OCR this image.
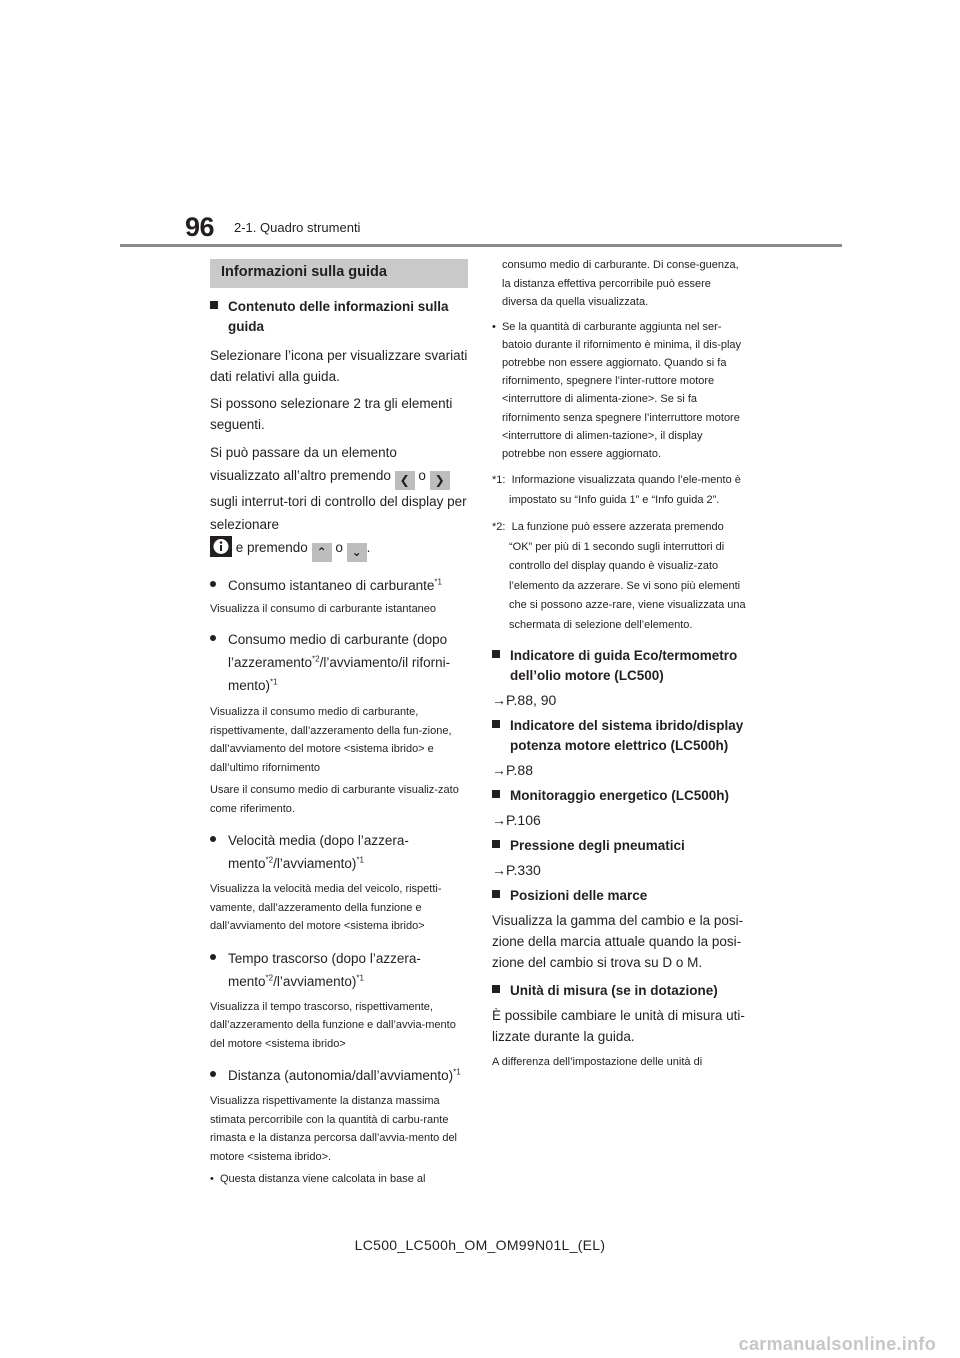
96 2-1. Quadro strumenti
Informazioni sulla guida
Contenuto delle informazioni sulla guida
Selezionare l’icona per visualizzare svariati dati relativi alla guida.
Si possono selezionare 2 tra gli elementi seguenti.
Si può passare da un elemento visualizzato all’altro premendo ❮ o ❯ sugli interrut-tori di controllo del display per selezionare
e premendo ⌃ o ⌄ .
Consumo istantaneo di carburante$^{*1}$
Visualizza il consumo di carburante istantaneo
Consumo medio di carburante (dopo l’azzeramento$^{*2}$/l’avviamento/il riforni-mento)$^{*1}$
Visualizza il consumo medio di carburante, rispettivamente, dall’azzeramento della fun-zione, dall’avviamento del motore <sistema ibrido> e dall’ultimo rifornimento
Usare il consumo medio di carburante visualiz-zato come riferimento.
Velocità media (dopo l’azzera-mento$^{*2}$/l’avviamento)$^{*1}$
Visualizza la velocità media del veicolo, rispetti-vamente, dall’azzeramento della funzione e dall’avviamento del motore <sistema ibrido>
Tempo trascorso (dopo l’azzera-mento$^{*2}$/l’avviamento)$^{*1}$
Visualizza il tempo trascorso, rispettivamente, dall’azzeramento della funzione e dall’avvia-mento del motore <sistema ibrido>
Distanza (autonomia/dall’avviamento)$^{*1}$
Visualizza rispettivamente la distanza massima stimata percorribile con la quantità di carbu-rante rimasta e la distanza percorsa dall’avvia-mento del motore <sistema ibrido>.
•  Questa distanza viene calcolata in base al
consumo medio di carburante. Di conse-guenza, la distanza effettiva percorribile può essere diversa da quella visualizzata.
•  Se la quantità di carburante aggiunta nel ser-batoio durante il rifornimento è minima, il dis-play potrebbe non essere aggiornato. Quando si fa rifornimento, spegnere l’inter-ruttore motore <interruttore di alimenta-zione>. Se si fa rifornimento senza spegnere l’interruttore motore <interruttore di alimen-tazione>, il display potrebbe non essere aggiornato.
*1:  Informazione visualizzata quando l’ele-mento è impostato su “Info guida 1” e “Info guida 2”.
*2:  La funzione può essere azzerata premendo “OK” per più di 1 secondo sugli interruttori di controllo del display quando è visualiz-zato l’elemento da azzerare. Se vi sono più elementi che si possono azze-rare, viene visualizzata una schermata di selezione dell’elemento.
Indicatore di guida Eco/termometro dell’olio motore (LC500)
→P.88, 90
Indicatore del sistema ibrido/display potenza motore elettrico (LC500h)
→P.88
Monitoraggio energetico (LC500h)
→P.106
Pressione degli pneumatici
→P.330
Posizioni delle marce
Visualizza la gamma del cambio e la posi-zione della marcia attuale quando la posi-zione del cambio si trova su D o M.
Unità di misura (se in dotazione)
È possibile cambiare le unità di misura uti-lizzate durante la guida.
A differenza dell’impostazione delle unità di
LC500_LC500h_OM_OM99N01L_(EL)
carmanualsonline.info
